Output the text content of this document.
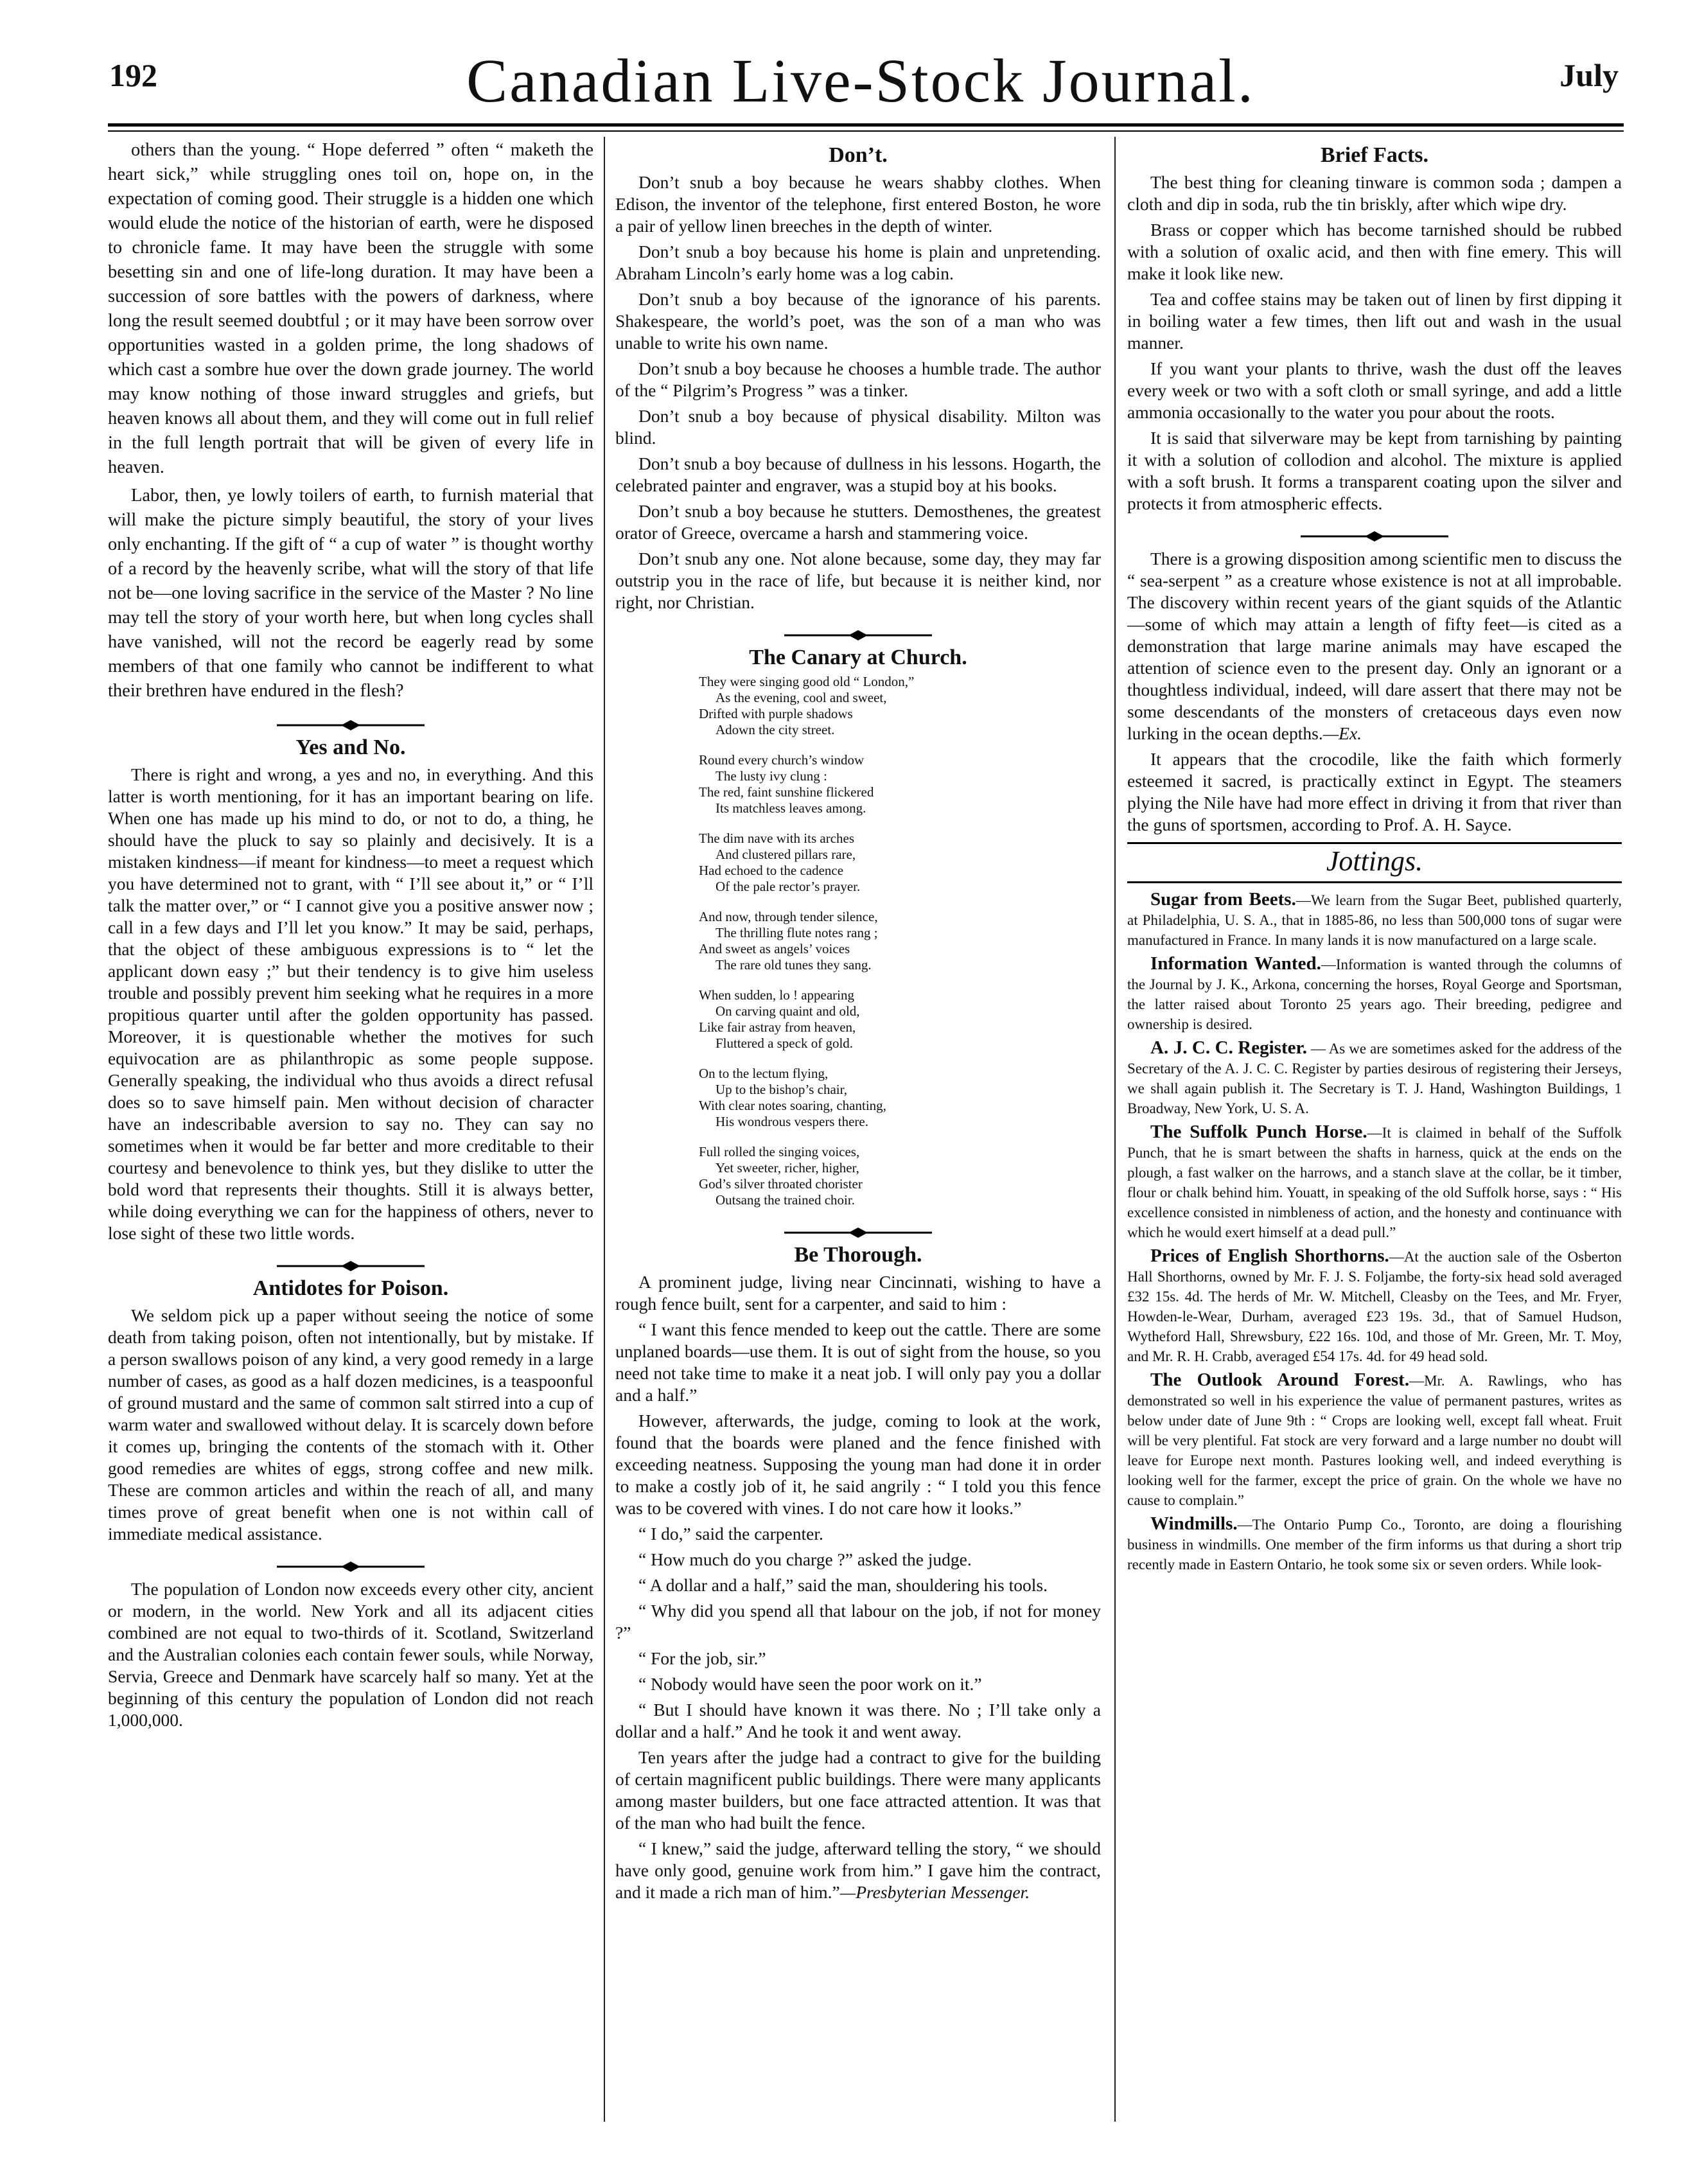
192	Canadian Live-Stock Journal.	July

others than the young. “ Hope deferred ” often “ maketh the heart sick,” while struggling ones toil on, hope on, in the expectation of coming good. Their struggle is a hidden one which would elude the notice of the historian of earth, were he disposed to chronicle fame. It may have been the struggle with some besetting sin and one of life-long duration. It may have been a succession of sore battles with the powers of darkness, where long the result seemed doubtful ; or it may have been sorrow over opportunities wasted in a golden prime, the long shadows of which cast a sombre hue over the down grade journey. The world may know nothing of those inward struggles and griefs, but heaven knows all about them, and they will come out in full relief in the full length portrait that will be given of every life in heaven.

Labor, then, ye lowly toilers of earth, to furnish material that will make the picture simply beautiful, the story of your lives only enchanting. If the gift of “ a cup of water ” is thought worthy of a record by the heavenly scribe, what will the story of that life not be—one loving sacrifice in the service of the Master ? No line may tell the story of your worth here, but when long cycles shall have vanished, will not the record be eagerly read by some members of that one family who cannot be indifferent to what their brethren have endured in the flesh?

Yes and No.

There is right and wrong, a yes and no, in everything. And this latter is worth mentioning, for it has an important bearing on life. When one has made up his mind to do, or not to do, a thing, he should have the pluck to say so plainly and decisively. It is a mistaken kindness—if meant for kindness—to meet a request which you have determined not to grant, with “ I’ll see about it,” or “ I’ll talk the matter over,” or “ I cannot give you a positive answer now ; call in a few days and I’ll let you know.” It may be said, perhaps, that the object of these ambiguous expressions is to “ let the applicant down easy ;” but their tendency is to give him useless trouble and possibly prevent him seeking what he requires in a more propitious quarter until after the golden opportunity has passed. Moreover, it is questionable whether the motives for such equivocation are as philanthropic as some people suppose. Generally speaking, the individual who thus avoids a direct refusal does so to save himself pain. Men without decision of character have an indescribable aversion to say no. They can say no sometimes when it would be far better and more creditable to their courtesy and benevolence to think yes, but they dislike to utter the bold word that represents their thoughts. Still it is always better, while doing everything we can for the happiness of others, never to lose sight of these two little words.

Antidotes for Poison.

We seldom pick up a paper without seeing the notice of some death from taking poison, often not intentionally, but by mistake. If a person swallows poison of any kind, a very good remedy in a large number of cases, as good as a half dozen medicines, is a teaspoonful of ground mustard and the same of common salt stirred into a cup of warm water and swallowed without delay. It is scarcely down before it comes up, bringing the contents of the stomach with it. Other good remedies are whites of eggs, strong coffee and new milk. These are common articles and within the reach of all, and many times prove of great benefit when one is not within call of immediate medical assistance.

The population of London now exceeds every other city, ancient or modern, in the world. New York and all its adjacent cities combined are not equal to two-thirds of it. Scotland, Switzerland and the Australian colonies each contain fewer souls, while Norway, Servia, Greece and Denmark have scarcely half so many. Yet at the beginning of this century the population of London did not reach 1,000,000.

Don’t.

Don’t snub a boy because he wears shabby clothes. When Edison, the inventor of the telephone, first entered Boston, he wore a pair of yellow linen breeches in the depth of winter.

Don’t snub a boy because his home is plain and unpretending. Abraham Lincoln’s early home was a log cabin.

Don’t snub a boy because of the ignorance of his parents. Shakespeare, the world’s poet, was the son of a man who was unable to write his own name.

Don’t snub a boy because he chooses a humble trade. The author of the “ Pilgrim’s Progress ” was a tinker.

Don’t snub a boy because of physical disability. Milton was blind.

Don’t snub a boy because of dullness in his lessons. Hogarth, the celebrated painter and engraver, was a stupid boy at his books.

Don’t snub a boy because he stutters. Demosthenes, the greatest orator of Greece, overcame a harsh and stammering voice.

Don’t snub any one. Not alone because, some day, they may far outstrip you in the race of life, but because it is neither kind, nor right, nor Christian.

The Canary at Church.
They were singing good old “ London,”
As the evening, cool and sweet,
Drifted with purple shadows
Adown the city street.
Round every church’s window
The lusty ivy clung :
The red, faint sunshine flickered
Its matchless leaves among.
The dim nave with its arches
And clustered pillars rare,
Had echoed to the cadence
Of the pale rector’s prayer.
And now, through tender silence,
The thrilling flute notes rang ;
And sweet as angels’ voices
The rare old tunes they sang.
When sudden, lo ! appearing
On carving quaint and old,
Like fair astray from heaven,
Fluttered a speck of gold.
On to the lectum flying,
Up to the bishop’s chair,
With clear notes soaring, chanting,
His wondrous vespers there.
Full rolled the singing voices,
Yet sweeter, richer, higher,
God’s silver throated chorister
Outsang the trained choir.
Be Thorough.

A prominent judge, living near Cincinnati, wishing to have a rough fence built, sent for a carpenter, and said to him :

“ I want this fence mended to keep out the cattle. There are some unplaned boards—use them. It is out of sight from the house, so you need not take time to make it a neat job. I will only pay you a dollar and a half.”

However, afterwards, the judge, coming to look at the work, found that the boards were planed and the fence finished with exceeding neatness. Supposing the young man had done it in order to make a costly job of it, he said angrily : “ I told you this fence was to be covered with vines. I do not care how it looks.”

“ I do,” said the carpenter.

“ How much do you charge ?” asked the judge.

“ A dollar and a half,” said the man, shouldering his tools.

“ Why did you spend all that labour on the job, if not for money ?”

“ For the job, sir.”

“ Nobody would have seen the poor work on it.”

“ But I should have known it was there. No ; I’ll take only a dollar and a half.” And he took it and went away.

Ten years after the judge had a contract to give for the building of certain magnificent public buildings. There were many applicants among master builders, but one face attracted attention. It was that of the man who had built the fence.

“ I knew,” said the judge, afterward telling the story, “ we should have only good, genuine work from him.” I gave him the contract, and it made a rich man of him.”—Presbyterian Messenger.

Brief Facts.

The best thing for cleaning tinware is common soda ; dampen a cloth and dip in soda, rub the tin briskly, after which wipe dry.

Brass or copper which has become tarnished should be rubbed with a solution of oxalic acid, and then with fine emery. This will make it look like new.

Tea and coffee stains may be taken out of linen by first dipping it in boiling water a few times, then lift out and wash in the usual manner.

If you want your plants to thrive, wash the dust off the leaves every week or two with a soft cloth or small syringe, and add a little ammonia occasionally to the water you pour about the roots.

It is said that silverware may be kept from tarnishing by painting it with a solution of collodion and alcohol. The mixture is applied with a soft brush. It forms a transparent coating upon the silver and protects it from atmospheric effects.

There is a growing disposition among scientific men to discuss the “ sea-serpent ” as a creature whose existence is not at all improbable. The discovery within recent years of the giant squids of the Atlantic—some of which may attain a length of fifty feet—is cited as a demonstration that large marine animals may have escaped the attention of science even to the present day. Only an ignorant or a thoughtless individual, indeed, will dare assert that there may not be some descendants of the monsters of cretaceous days even now lurking in the ocean depths.—Ex.

It appears that the crocodile, like the faith which formerly esteemed it sacred, is practically extinct in Egypt. The steamers plying the Nile have had more effect in driving it from that river than the guns of sportsmen, according to Prof. A. H. Sayce.

Jottings.

Sugar from Beets.—We learn from the Sugar Beet, published quarterly, at Philadelphia, U. S. A., that in 1885-86, no less than 500,000 tons of sugar were manufactured in France. In many lands it is now manufactured on a large scale.

Information Wanted.—Information is wanted through the columns of the Journal by J. K., Arkona, concerning the horses, Royal George and Sportsman, the latter raised about Toronto 25 years ago. Their breeding, pedigree and ownership is desired.

A. J. C. C. Register. — As we are sometimes asked for the address of the Secretary of the A. J. C. C. Register by parties desirous of registering their Jerseys, we shall again publish it. The Secretary is T. J. Hand, Washington Buildings, 1 Broadway, New York, U. S. A.

The Suffolk Punch Horse.—It is claimed in behalf of the Suffolk Punch, that he is smart between the shafts in harness, quick at the ends on the plough, a fast walker on the harrows, and a stanch slave at the collar, be it timber, flour or chalk behind him. Youatt, in speaking of the old Suffolk horse, says : “ His excellence consisted in nimbleness of action, and the honesty and continuance with which he would exert himself at a dead pull.”

Prices of English Shorthorns.—At the auction sale of the Osberton Hall Shorthorns, owned by Mr. F. J. S. Foljambe, the forty-six head sold averaged £32 15s. 4d. The herds of Mr. W. Mitchell, Cleasby on the Tees, and Mr. Fryer, Howden-le-Wear, Durham, averaged £23 19s. 3d., that of Samuel Hudson, Wytheford Hall, Shrewsbury, £22 16s. 10d, and those of Mr. Green, Mr. T. Moy, and Mr. R. H. Crabb, averaged £54 17s. 4d. for 49 head sold.

The Outlook Around Forest.—Mr. A. Rawlings, who has demonstrated so well in his experience the value of permanent pastures, writes as below under date of June 9th : “ Crops are looking well, except fall wheat. Fruit will be very plentiful. Fat stock are very forward and a large number no doubt will leave for Europe next month. Pastures looking well, and indeed everything is looking well for the farmer, except the price of grain. On the whole we have no cause to complain.”

Windmills.—The Ontario Pump Co., Toronto, are doing a flourishing business in windmills. One member of the firm informs us that during a short trip recently made in Eastern Ontario, he took some six or seven orders. While look-
